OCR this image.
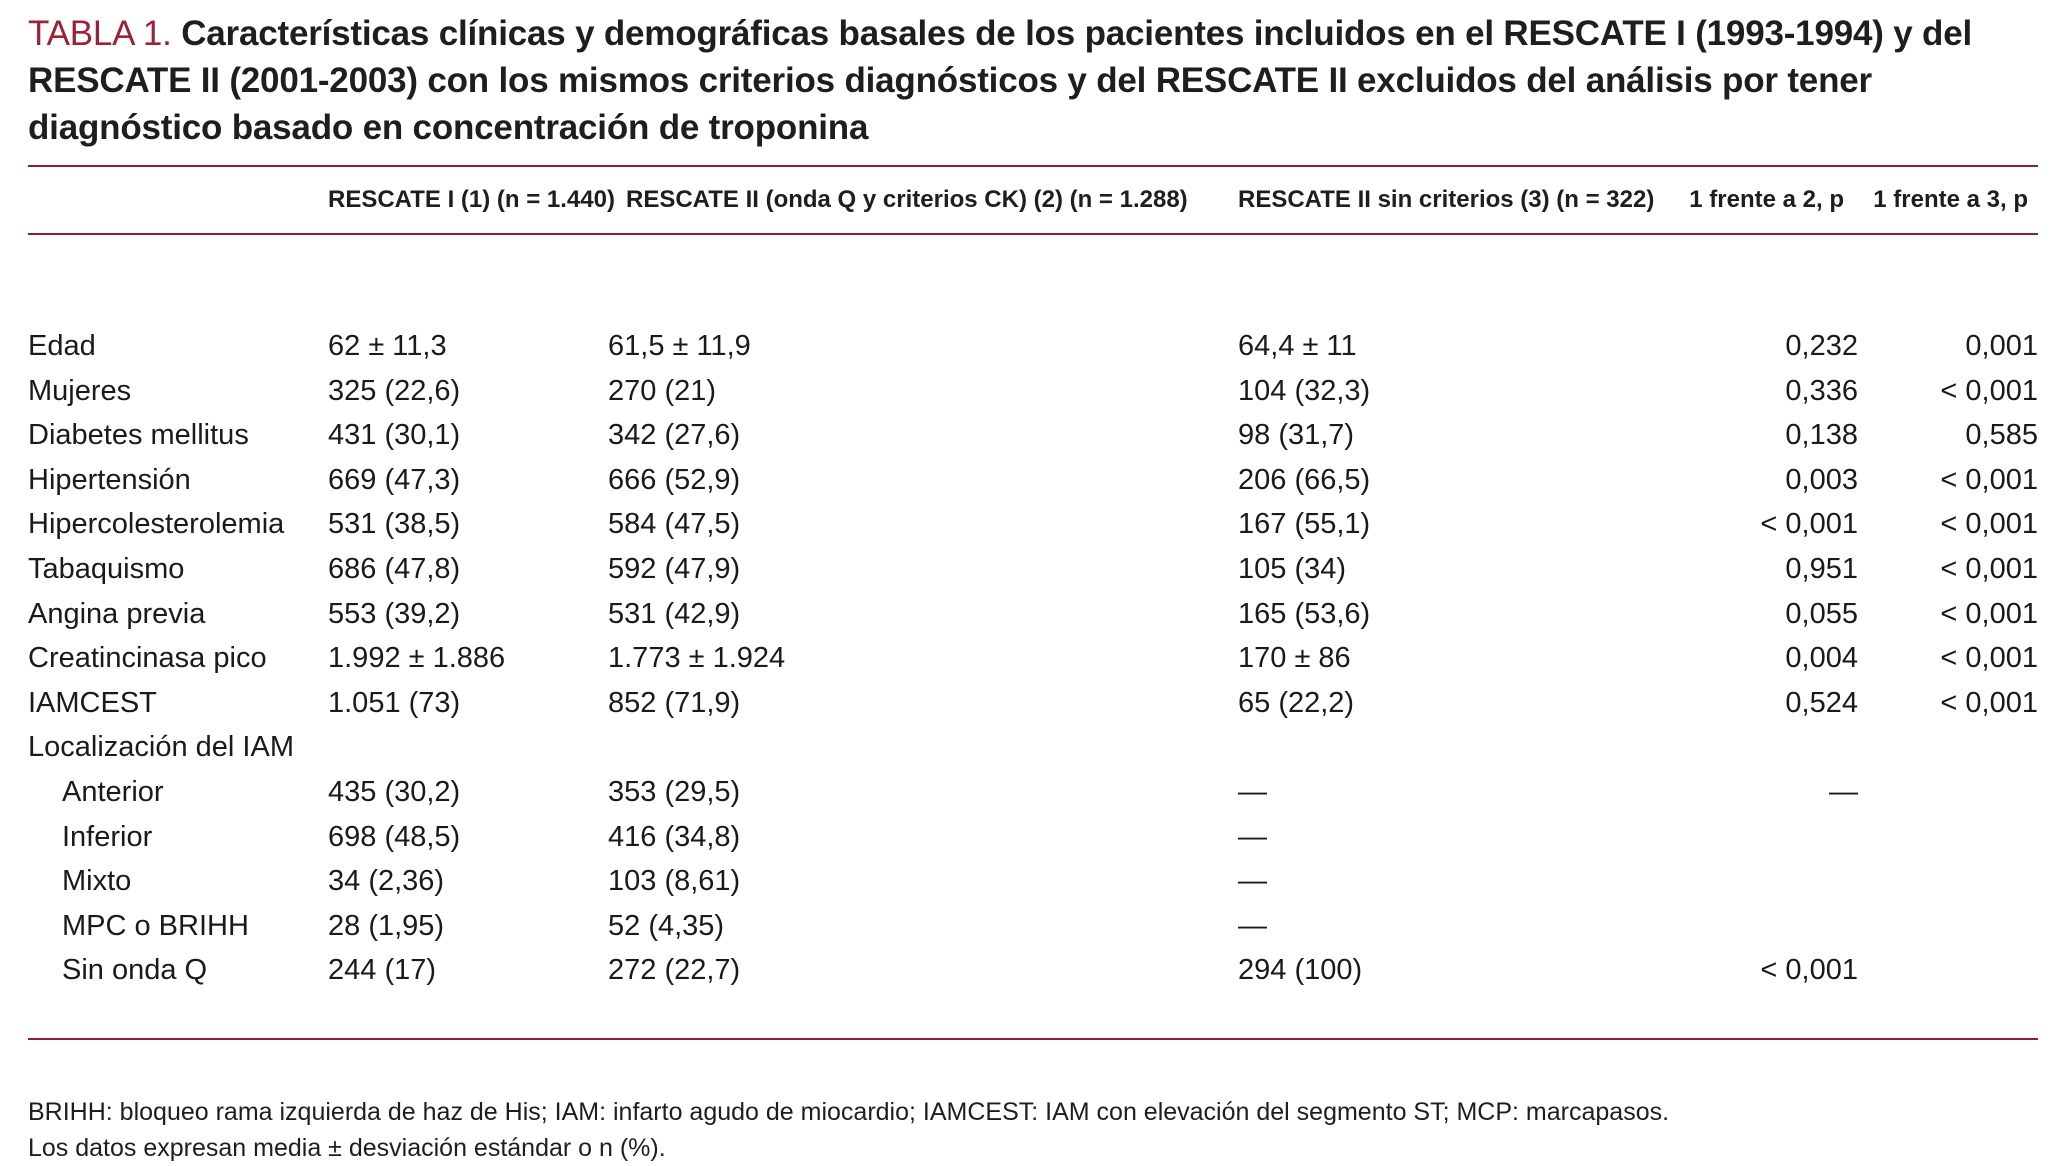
TABLA 1. Características clínicas y demográficas basales de los pacientes incluidos en el RESCATE I (1993-1994) y del RESCATE II (2001-2003) con los mismos criterios diagnósticos y del RESCATE II excluidos del análisis por tener diagnóstico basado en concentración de troponina

	RESCATE I (1) (n = 1.440)	RESCATE II (onda Q y criterios CK) (2) (n = 1.288)	RESCATE II sin criterios (3) (n = 322)	1 frente a 2, p	1 frente a 3, p

Edad	62 ± 11,3	61,5 ± 11,9	64,4 ± 11	0,232	0,001
Mujeres	325 (22,6)	270 (21)	104 (32,3)	0,336	< 0,001
Diabetes mellitus	431 (30,1)	342 (27,6)	98 (31,7)	0,138	0,585
Hipertensión	669 (47,3)	666 (52,9)	206 (66,5)	0,003	< 0,001
Hipercolesterolemia	531 (38,5)	584 (47,5)	167 (55,1)	< 0,001	< 0,001
Tabaquismo	686 (47,8)	592 (47,9)	105 (34)	0,951	< 0,001
Angina previa	553 (39,2)	531 (42,9)	165 (53,6)	0,055	< 0,001
Creatincinasa pico	1.992 ± 1.886	1.773 ± 1.924	170 ± 86	0,004	< 0,001
IAMCEST	1.051 (73)	852 (71,9)	65 (22,2)	0,524	< 0,001
Localización del IAM					
Anterior	435 (30,2)	353 (29,5)	—	—	
Inferior	698 (48,5)	416 (34,8)	—		
Mixto	34 (2,36)	103 (8,61)	—		
MPC o BRIHH	28 (1,95)	52 (4,35)	—		
Sin onda Q	244 (17)	272 (22,7)	294 (100)	< 0,001	

BRIHH: bloqueo rama izquierda de haz de His; IAM: infarto agudo de miocardio; IAMCEST: IAM con elevación del segmento ST; MCP: marcapasos.

Los datos expresan media ± desviación estándar o n (%).
